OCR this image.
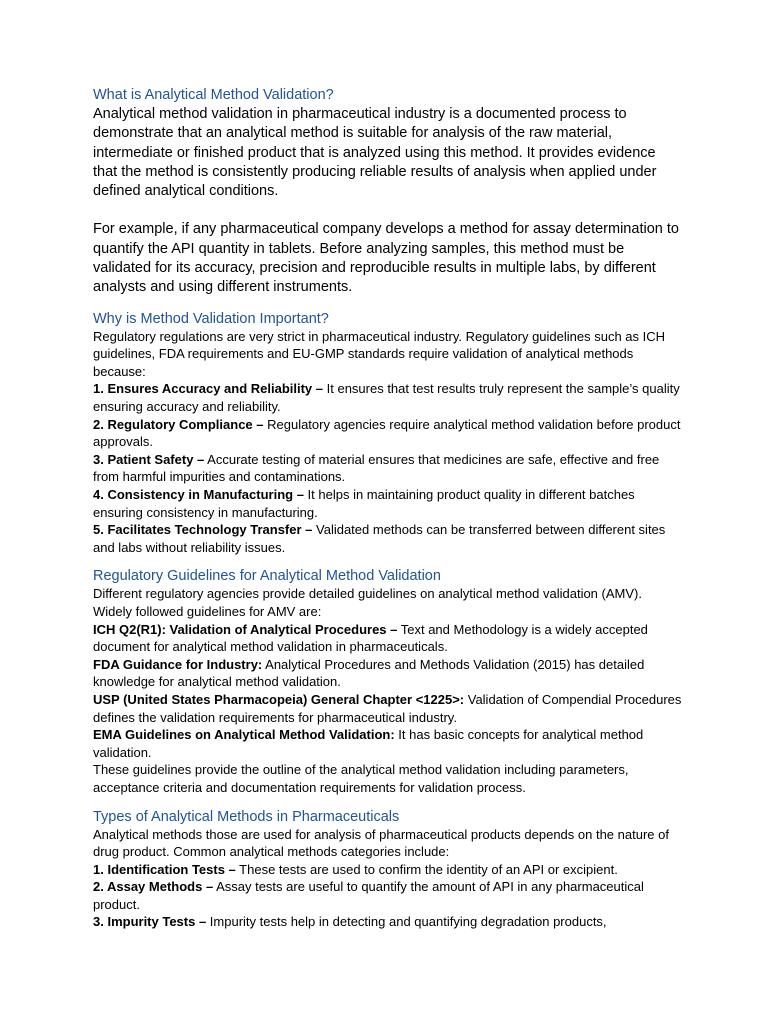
What is Analytical Method Validation?

Analytical method validation in pharmaceutical industry is a documented process to demonstrate that an analytical method is suitable for analysis of the raw material, intermediate or finished product that is analyzed using this method. It provides evidence that the method is consistently producing reliable results of analysis when applied under defined analytical conditions.

For example, if any pharmaceutical company develops a method for assay determination to quantify the API quantity in tablets. Before analyzing samples, this method must be validated for its accuracy, precision and reproducible results in multiple labs, by different analysts and using different instruments.

Why is Method Validation Important?

Regulatory regulations are very strict in pharmaceutical industry. Regulatory guidelines such as ICH guidelines, FDA requirements and EU-GMP standards require validation of analytical methods because:

1. Ensures Accuracy and Reliability – It ensures that test results truly represent the sample’s quality ensuring accuracy and reliability.

2. Regulatory Compliance – Regulatory agencies require analytical method validation before product approvals.

3. Patient Safety – Accurate testing of material ensures that medicines are safe, effective and free from harmful impurities and contaminations.

4. Consistency in Manufacturing – It helps in maintaining product quality in different batches ensuring consistency in manufacturing.

5. Facilitates Technology Transfer – Validated methods can be transferred between different sites and labs without reliability issues.

Regulatory Guidelines for Analytical Method Validation

Different regulatory agencies provide detailed guidelines on analytical method validation (AMV). Widely followed guidelines for AMV are:

ICH Q2(R1): Validation of Analytical Procedures – Text and Methodology is a widely accepted document for analytical method validation in pharmaceuticals.

FDA Guidance for Industry: Analytical Procedures and Methods Validation (2015) has detailed knowledge for analytical method validation.

USP (United States Pharmacopeia) General Chapter <1225>: Validation of Compendial Procedures defines the validation requirements for pharmaceutical industry.

EMA Guidelines on Analytical Method Validation: It has basic concepts for analytical method validation.

These guidelines provide the outline of the analytical method validation including parameters, acceptance criteria and documentation requirements for validation process.

Types of Analytical Methods in Pharmaceuticals

Analytical methods those are used for analysis of pharmaceutical products depends on the nature of drug product. Common analytical methods categories include:

1. Identification Tests – These tests are used to confirm the identity of an API or excipient.

2. Assay Methods – Assay tests are useful to quantify the amount of API in any pharmaceutical product.

3. Impurity Tests – Impurity tests help in detecting and quantifying degradation products,
